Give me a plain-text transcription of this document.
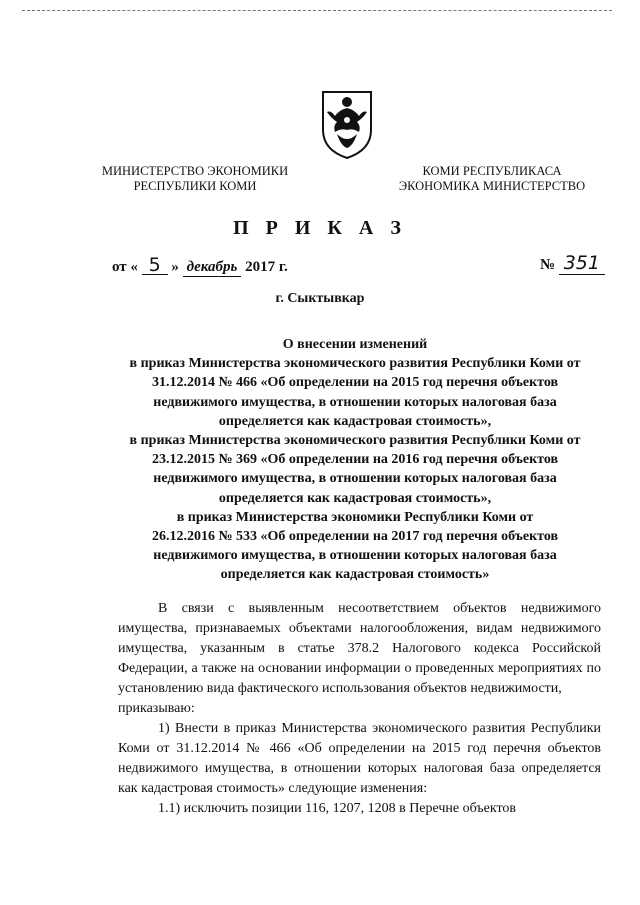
МИНИСТЕРСТВО ЭКОНОМИКИ
РЕСПУБЛИКИ КОМИ
КОМИ РЕСПУБЛИКАСА
ЭКОНОМИКА МИНИСТЕРСТВО
П Р И К А З
от « 5 » декабрь 2017 г.	№ 351
г. Сыктывкар
О внесении изменений
в приказ Министерства экономического развития Республики Коми от
31.12.2014 № 466 «Об определении на 2015 год перечня объектов
недвижимого имущества, в отношении которых налоговая база
определяется как кадастровая стоимость»,
в приказ Министерства экономического развития Республики Коми от
23.12.2015 № 369 «Об определении на 2016 год перечня объектов
недвижимого имущества, в отношении которых налоговая база
определяется как кадастровая стоимость»,
в приказ Министерства экономики Республики Коми от
26.12.2016 № 533 «Об определении на 2017 год перечня объектов
недвижимого имущества, в отношении которых налоговая база
определяется как кадастровая стоимость»

В связи с выявленным несоответствием объектов недвижимого имущества, признаваемых объектами налогообложения, видам недвижимого имущества, указанным в статье 378.2 Налогового кодекса Российской Федерации, а также на основании информации о проведенных мероприятиях по установлению вида фактического использования объектов недвижимости,

приказываю:

1) Внести в приказ Министерства экономического развития Республики Коми от 31.12.2014 № 466 «Об определении на 2015 год перечня объектов недвижимого имущества, в отношении которых налоговая база определяется как кадастровая стоимость» следующие изменения:

1.1) исключить позиции 116, 1207, 1208 в Перечне объектов
